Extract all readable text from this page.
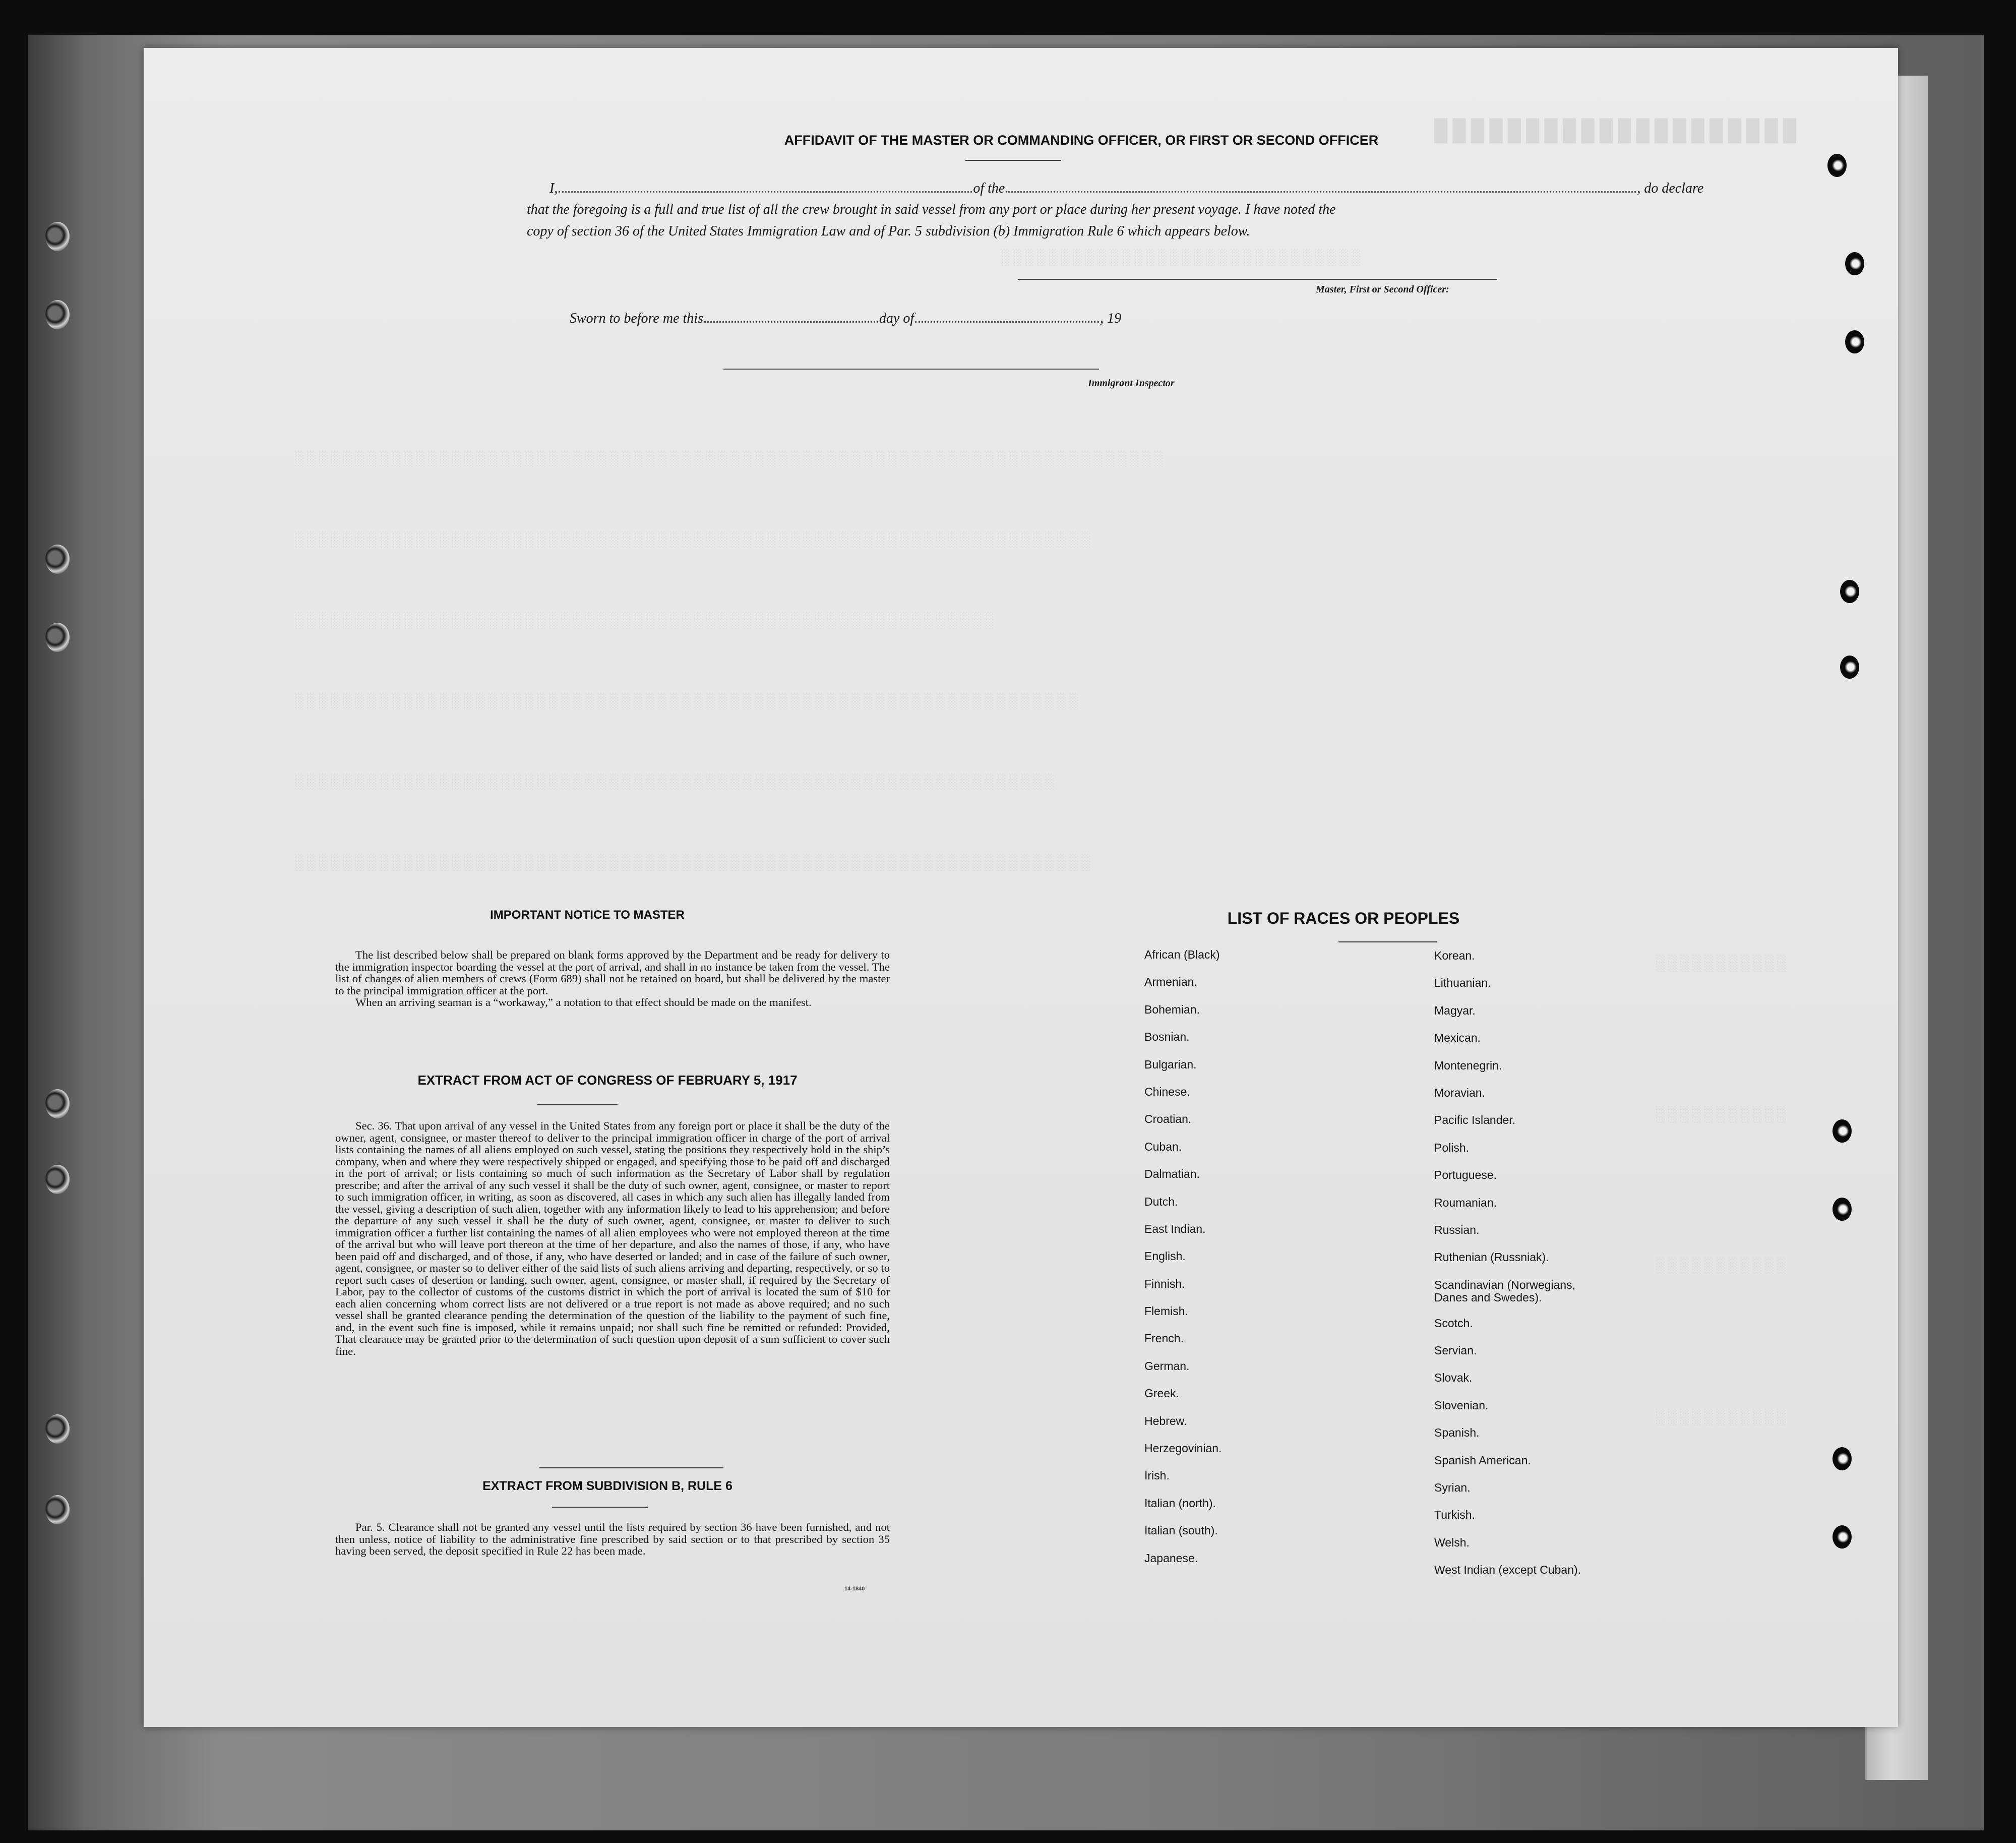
████████████████████
░░░░░░░░░░░░░░░░░░░░░░░░░░░░░░
░░░░░░░░░░░░░░░░░░░░░░░░░░░░░░░░░░░░░░░░░░░░░░░░░░░░░░░░░░░░░░░░░░░░░░░░
░░░░░░░░░░░░░░░░░░░░░░░░░░░░░░░░░░░░░░░░░░░░░░░░░░░░░░░░░░░░░░░░░░
░░░░░░░░░░░░░░░░░░░░░░░░░░░░░░░░░░░░░░░░░░░░░░░░░░░░░░░░░░
░░░░░░░░░░░░░░░░░░░░░░░░░░░░░░░░░░░░░░░░░░░░░░░░░░░░░░░░░░░░░░░░░
░░░░░░░░░░░░░░░░░░░░░░░░░░░░░░░░░░░░░░░░░░░░░░░░░░░░░░░░░░░░░░░
░░░░░░░░░░░░░░░░░░░░░░░░░░░░░░░░░░░░░░░░░░░░░░░░░░░░░░░░░░░░░░░░░░
░░░░░░░░░░░
░░░░░░░░░░░
░░░░░░░░░░░
░░░░░░░░░░░
AFFIDAVIT OF THE MASTER OR COMMANDING OFFICER, OR FIRST OR SECOND OFFICER
I,	of the	, do declare
that the foregoing is a full and true list of all the crew brought in said vessel from any port or place during her present voyage. I have noted the
copy of section 36 of the United States Immigration Law and of Par. 5 subdivision (b) Immigration Rule 6 which appears below.
Master, First or Second Officer:
Sworn to before me this	day of	, 19
Immigrant Inspector
IMPORTANT NOTICE TO MASTER

The list described below shall be prepared on blank forms approved by the Department and be ready for delivery to the immigration inspector boarding the vessel at the port of arrival, and shall in no instance be taken from the vessel. The list of changes of alien members of crews (Form 689) shall not be retained on board, but shall be delivered by the master to the principal immigration officer at the port.

When an arriving seaman is a “workaway,” a notation to that effect should be made on the manifest.

EXTRACT FROM ACT OF CONGRESS OF FEBRUARY 5, 1917

Sec. 36. That upon arrival of any vessel in the United States from any foreign port or place it shall be the duty of the owner, agent, consignee, or master thereof to deliver to the principal immigration officer in charge of the port of arrival lists containing the names of all aliens employed on such vessel, stating the positions they respectively hold in the ship’s company, when and where they were respectively shipped or engaged, and specifying those to be paid off and discharged in the port of arrival; or lists containing so much of such information as the Secretary of Labor shall by regulation prescribe; and after the arrival of any such vessel it shall be the duty of such owner, agent, consignee, or master to report to such immigration officer, in writing, as soon as discovered, all cases in which any such alien has illegally landed from the vessel, giving a description of such alien, together with any information likely to lead to his apprehension; and before the departure of any such vessel it shall be the duty of such owner, agent, consignee, or master to deliver to such immigration officer a further list containing the names of all alien employees who were not employed thereon at the time of the arrival but who will leave port thereon at the time of her departure, and also the names of those, if any, who have been paid off and discharged, and of those, if any, who have deserted or landed; and in case of the failure of such owner, agent, consignee, or master so to deliver either of the said lists of such aliens arriving and departing, respectively, or so to report such cases of desertion or landing, such owner, agent, consignee, or master shall, if required by the Secretary of Labor, pay to the collector of customs of the customs district in which the port of arrival is located the sum of $10 for each alien concerning whom correct lists are not delivered or a true report is not made as above required; and no such vessel shall be granted clearance pending the determination of the question of the liability to the payment of such fine, and, in the event such fine is imposed, while it remains unpaid; nor shall such fine be remitted or refunded: Provided, That clearance may be granted prior to the determination of such question upon deposit of a sum sufficient to cover such fine.

EXTRACT FROM SUBDIVISION B, RULE 6

Par. 5. Clearance shall not be granted any vessel until the lists required by section 36 have been furnished, and not then unless, notice of liability to the administrative fine prescribed by said section or to that prescribed by section 35 having been served, the deposit specified in Rule 22 has been made.

14-1840
LIST OF RACES OR PEOPLES
African (Black)
Armenian.
Bohemian.
Bosnian.
Bulgarian.
Chinese.
Croatian.
Cuban.
Dalmatian.
Dutch.
East Indian.
English.
Finnish.
Flemish.
French.
German.
Greek.
Hebrew.
Herzegovinian.
Irish.
Italian (north).
Italian (south).
Japanese.
Korean.
Lithuanian.
Magyar.
Mexican.
Montenegrin.
Moravian.
Pacific Islander.
Polish.
Portuguese.
Roumanian.
Russian.
Ruthenian (Russniak).
Scandinavian (Norwegians,
Danes and Swedes).
Scotch.
Servian.
Slovak.
Slovenian.
Spanish.
Spanish American.
Syrian.
Turkish.
Welsh.
West Indian (except Cuban).
